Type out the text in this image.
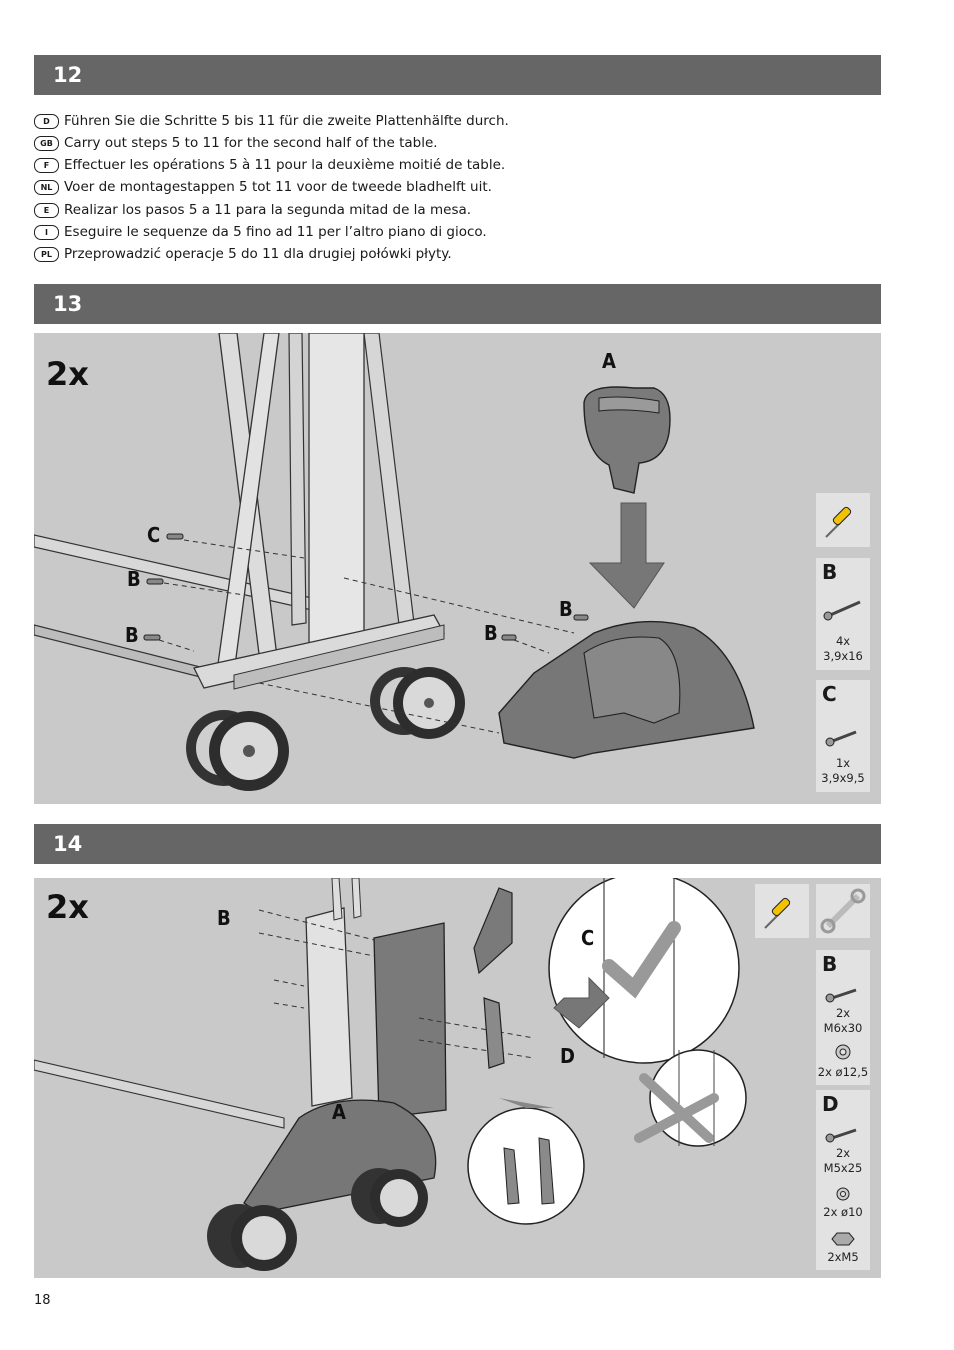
12
D Führen Sie die Schritte 5 bis 11 für die zweite Plattenhälfte durch.
GB Carry out steps 5 to 11 for the second half of the table.
F Effectuer les opérations 5 à 11 pour la deuxième moitié de table.
NL Voer de montagestappen 5 tot 11 voor de tweede bladhelft uit.
E Realizar los pasos 5 a 11 para la segunda mitad de la mesa.
I Eseguire le sequenze da 5 fino ad 11 per l’altro piano di gioco.
PL Przeprowadzić operacje 5 do 11 dla drugiej połówki płyty.
13
2x	A
C
B
B	B
B
B
4x
3,9x16
C
1x
3,9x9,5
14
2x	B
A
C
D
B
2x
M6x30
2x ø12,5
D
2x
M5x25
2x ø10
2xM5
18
